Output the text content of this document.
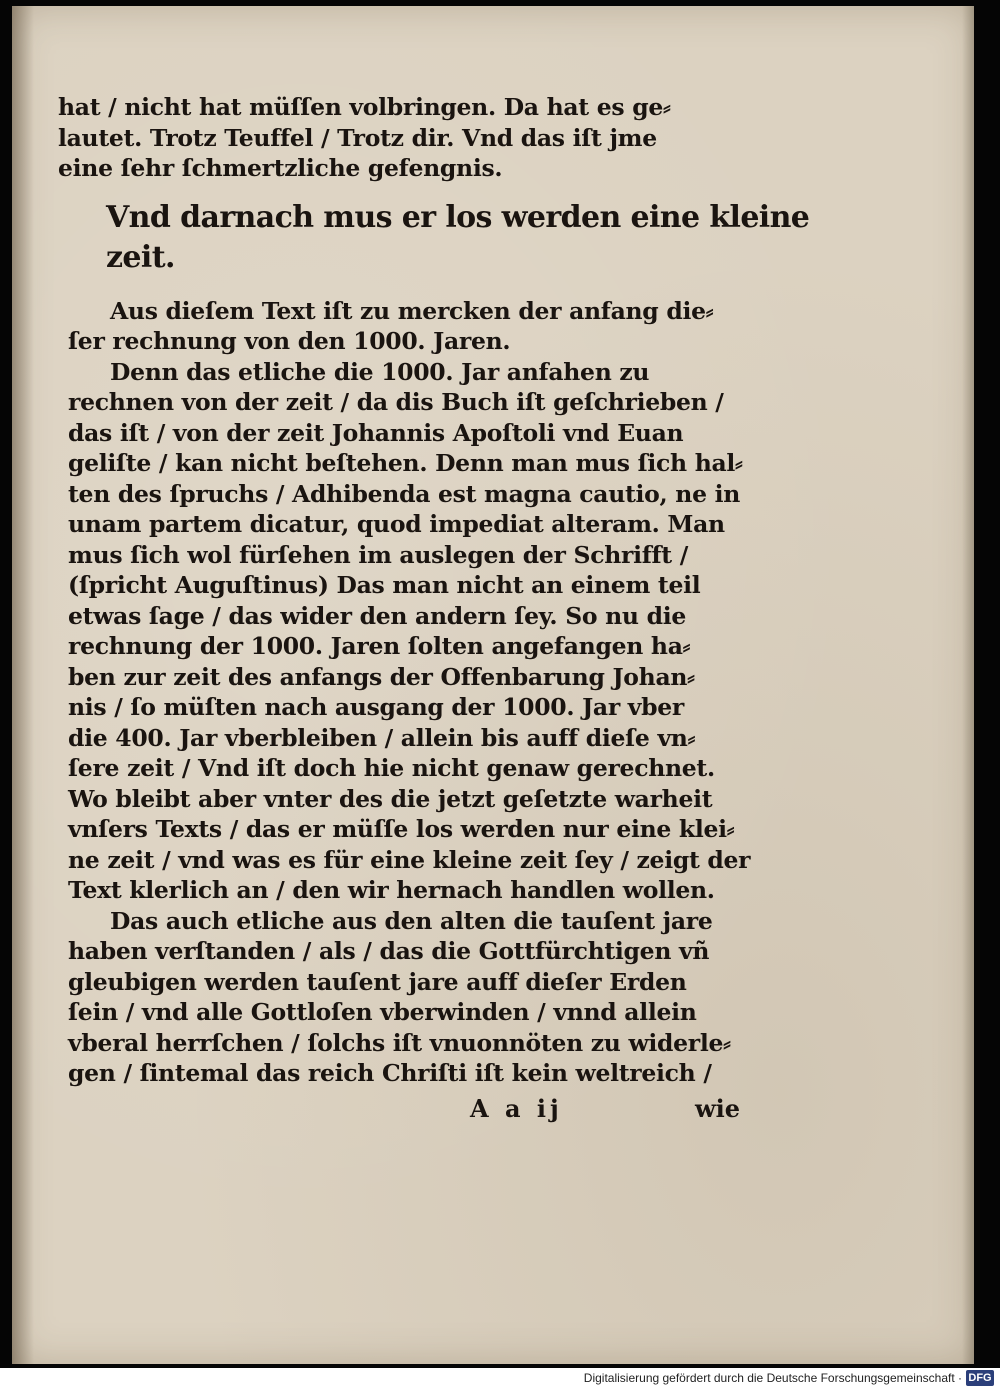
hat / nicht hat müſſen volbringen. Da hat es ge⸗
lautet. Trotz Teuffel / Trotz dir. Vnd das iſt jme
eine ſehr ſchmertzliche gefengnis.
Vnd darnach mus er los werden eine kleine
zeit.
Aus dieſem Text iſt zu mercken der anfang die⸗
ſer rechnung von den 1000. Jaren.
Denn das etliche die 1000. Jar anfahen zu
rechnen von der zeit / da dis Buch iſt geſchrieben /
das iſt / von der zeit Johannis Apoſtoli vnd Euan
geliſte / kan nicht beſtehen. Denn man mus ſich hal⸗
ten des ſpruchs / Adhibenda est magna cautio, ne in
unam partem dicatur, quod impediat alteram. Man
mus ſich wol fürſehen im auslegen der Schrifft /
(ſpricht Auguſtinus) Das man nicht an einem teil
etwas ſage / das wider den andern ſey. So nu die
rechnung der 1000. Jaren ſolten angefangen ha⸗
ben zur zeit des anfangs der Offenbarung Johan⸗
nis / ſo müſten nach ausgang der 1000. Jar vber
die 400. Jar vberbleiben / allein bis auff dieſe vn⸗
ſere zeit / Vnd iſt doch hie nicht genaw gerechnet.
Wo bleibt aber vnter des die jetzt geſetzte warheit
vnſers Texts / das er müſſe los werden nur eine klei⸗
ne zeit / vnd was es für eine kleine zeit ſey / zeigt der
Text klerlich an / den wir hernach handlen wollen.
Das auch etliche aus den alten die tauſent jare
haben verſtanden / als / das die Gottfürchtigen vñ
gleubigen werden tauſent jare auff dieſer Erden
ſein / vnd alle Gottloſen vberwinden / vnnd allein
vberal herrſchen / ſolchs iſt vnuonnöten zu widerle⸗
gen / ſintemal das reich Chriſti iſt kein weltreich /
A a ij	wie
Digitalisierung gefördert durch die Deutsche Forschungsgemeinschaft · DFG
